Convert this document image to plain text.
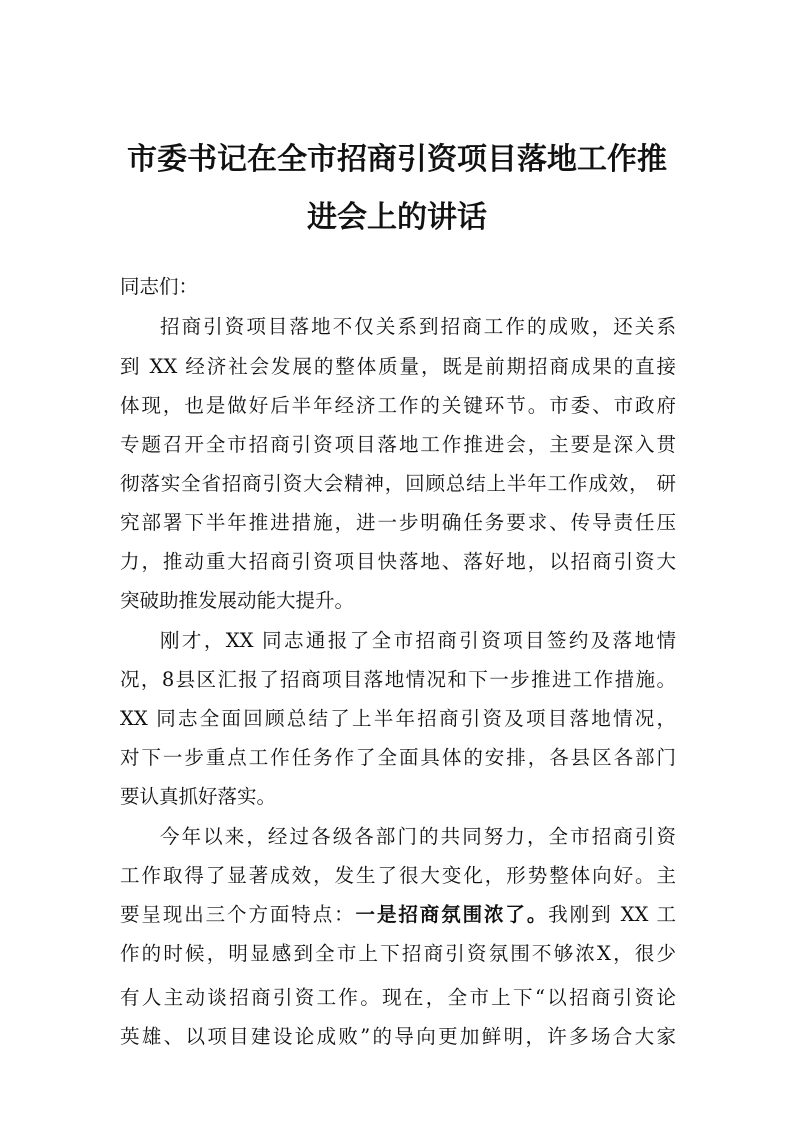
市委书记在全市招商引资项目落地工作推
进会上的讲话
同志们：
招商引资项目落地不仅关系到招商工作的成败，还关系
到 XX 经济社会发展的整体质量，既是前期招商成果的直接
体现，也是做好后半年经济工作的关键环节。市委、市政府
专题召开全市招商引资项目落地工作推进会，主要是深入贯
彻落实全省招商引资大会精神，回顾总结上半年工作成效， 研
究部署下半年推进措施，进一步明确任务要求、传导责任压
力，推动重大招商引资项目快落地、落好地，以招商引资大
突破助推发展动能大提升。
刚才，XX 同志通报了全市招商引资项目签约及落地情
况，8县区汇报了招商项目落地情况和下一步推进工作措施。
XX 同志全面回顾总结了上半年招商引资及项目落地情况，
对下一步重点工作任务作了全面具体的安排，各县区各部门
要认真抓好落实。
今年以来，经过各级各部门的共同努力，全市招商引资
工作取得了显著成效，发生了很大变化，形势整体向好。主
要呈现出三个方面特点：一是招商氛围浓了。我刚到 XX 工
作的时候，明显感到全市上下招商引资氛围不够浓X，很少
有人主动谈招商引资工作。现在，全市上下“以招商引资论
英雄、以项目建设论成败”的导向更加鲜明，许多场合大家
